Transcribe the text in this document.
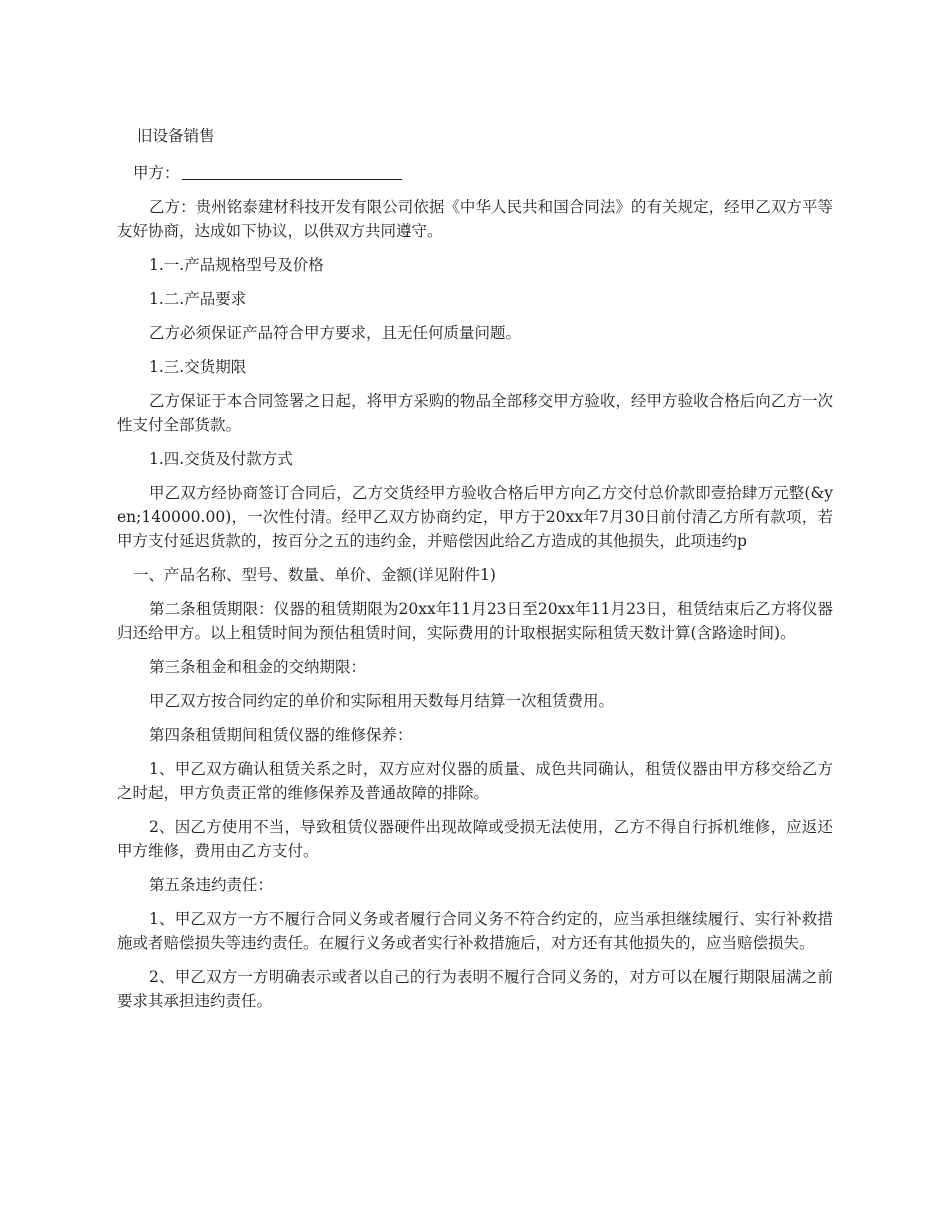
旧设备销售

甲方：

乙方：贵州铭泰建材科技开发有限公司依据《中华人民共和国合同法》的有关规定，经甲乙双方平等友好协商，达成如下协议，以供双方共同遵守。

1.一.产品规格型号及价格

1.二.产品要求

乙方必须保证产品符合甲方要求，且无任何质量问题。

1.三.交货期限

乙方保证于本合同签署之日起，将甲方采购的物品全部移交甲方验收，经甲方验收合格后向乙方一次性支付全部货款。

1.四.交货及付款方式

甲乙双方经协商签订合同后，乙方交货经甲方验收合格后甲方向乙方交付总价款即壹拾肆万元整(&yen;140000.00)，一次性付清。经甲乙双方协商约定，甲方于20xx年7月30日前付清乙方所有款项，若甲方支付延迟货款的，按百分之五的违约金，并赔偿因此给乙方造成的其他损失，此项违约p

一、产品名称、型号、数量、单价、金额(详见附件1)

第二条租赁期限：仪器的租赁期限为20xx年11月23日至20xx年11月23日，租赁结束后乙方将仪器归还给甲方。以上租赁时间为预估租赁时间，实际费用的计取根据实际租赁天数计算(含路途时间)。

第三条租金和租金的交纳期限：

甲乙双方按合同约定的单价和实际租用天数每月结算一次租赁费用。

第四条租赁期间租赁仪器的维修保养：

1、甲乙双方确认租赁关系之时，双方应对仪器的质量、成色共同确认，租赁仪器由甲方移交给乙方之时起，甲方负责正常的维修保养及普通故障的排除。

2、因乙方使用不当，导致租赁仪器硬件出现故障或受损无法使用，乙方不得自行拆机维修，应返还甲方维修，费用由乙方支付。

第五条违约责任：

1、甲乙双方一方不履行合同义务或者履行合同义务不符合约定的，应当承担继续履行、实行补救措施或者赔偿损失等违约责任。在履行义务或者实行补救措施后，对方还有其他损失的，应当赔偿损失。

2、甲乙双方一方明确表示或者以自己的行为表明不履行合同义务的，对方可以在履行期限届满之前要求其承担违约责任。
